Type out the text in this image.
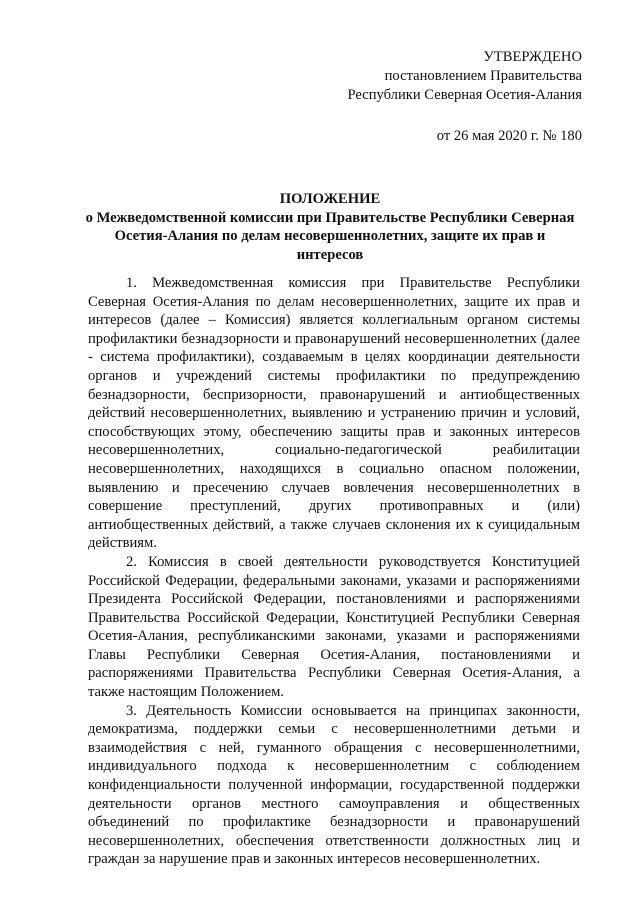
УТВЕРЖДЕНО
постановлением Правительства
Республики Северная Осетия-Алания
от 26 мая 2020 г. № 180
ПОЛОЖЕНИЕ
о Межведомственной комиссии при Правительстве Республики Северная Осетия-Алания по делам несовершеннолетних, защите их прав и интересов

1. Межведомственная комиссия при Правительстве Республики Северная Осетия-Алания по делам несовершеннолетних, защите их прав и интересов (далее – Комиссия) является коллегиальным органом системы профилактики безнадзорности и правонарушений несовершеннолетних (далее - система профилактики), создаваемым в целях координации деятельности органов и учреждений системы профилактики по предупреждению безнадзорности, беспризорности, правонарушений и антиобщественных действий несовершеннолетних, выявлению и устранению причин и условий, способствующих этому, обеспечению защиты прав и законных интересов несовершеннолетних, социально-педагогической реабилитации несовершеннолетних, находящихся в социально опасном положении, выявлению и пресечению случаев вовлечения несовершеннолетних в совершение преступлений, других противоправных и (или) антиобщественных действий, а также случаев склонения их к суицидальным действиям.

2. Комиссия в своей деятельности руководствуется Конституцией Российской Федерации, федеральными законами, указами и распоряжениями Президента Российской Федерации, постановлениями и распоряжениями Правительства Российской Федерации, Конституцией Республики Северная Осетия-Алания, республиканскими законами, указами и распоряжениями Главы Республики Северная Осетия-Алания, постановлениями и распоряжениями Правительства Республики Северная Осетия-Алания, а также настоящим Положением.

3. Деятельность Комиссии основывается на принципах законности, демократизма, поддержки семьи с несовершеннолетними детьми и взаимодействия с ней, гуманного обращения с несовершеннолетними, индивидуального подхода к несовершеннолетним с соблюдением конфиденциальности полученной информации, государственной поддержки деятельности органов местного самоуправления и общественных объединений по профилактике безнадзорности и правонарушений несовершеннолетних, обеспечения ответственности должностных лиц и граждан за нарушение прав и законных интересов несовершеннолетних.
